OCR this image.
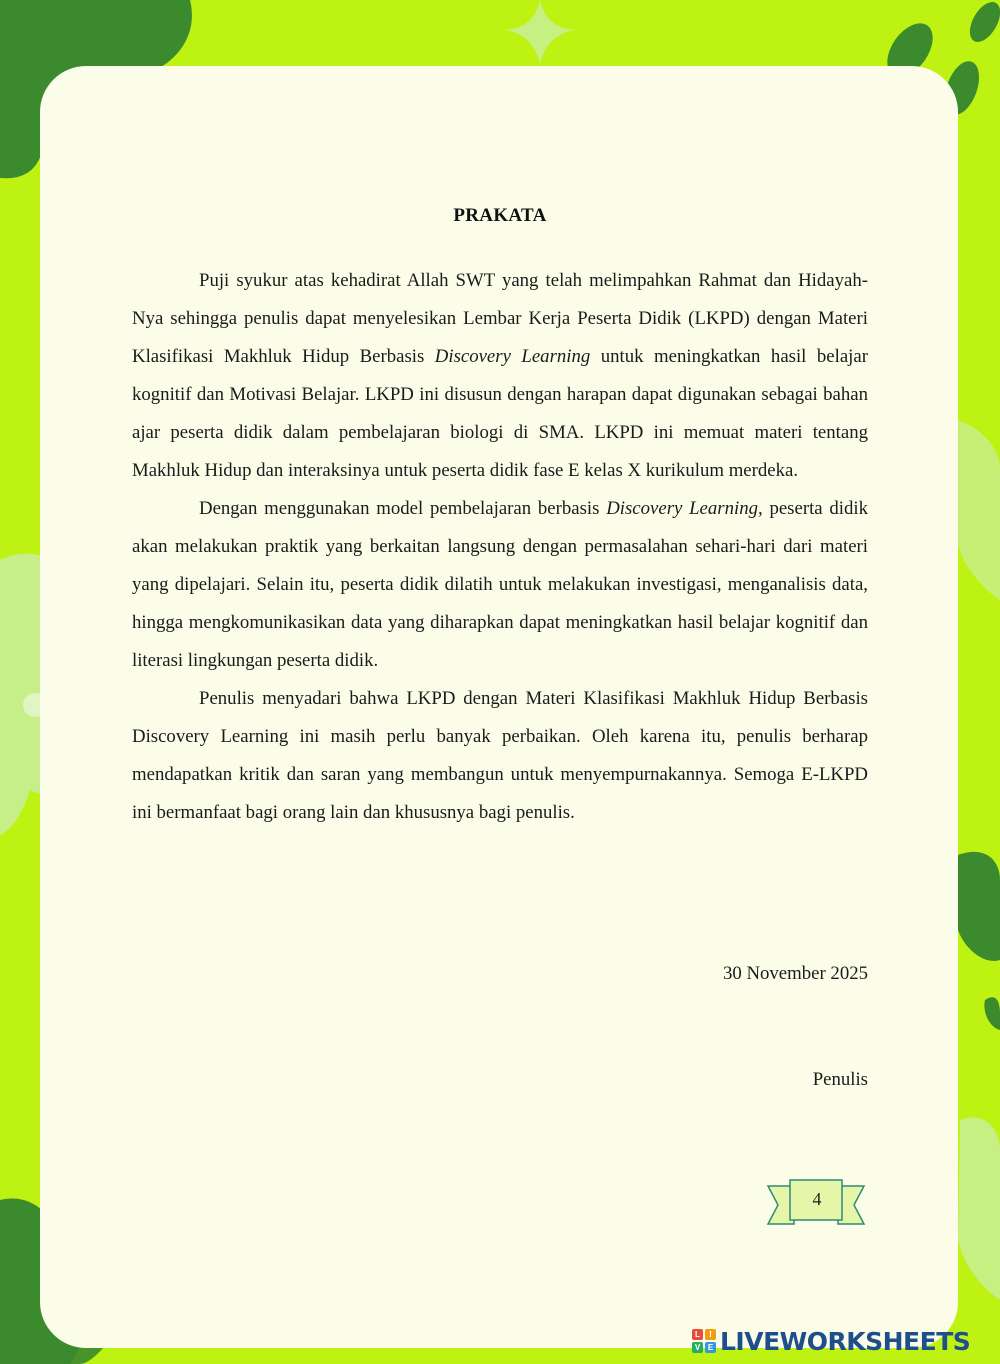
PRAKATA

Puji syukur atas kehadirat Allah SWT yang telah melimpahkan Rahmat dan Hidayah-Nya sehingga penulis dapat menyelesikan Lembar Kerja Peserta Didik (LKPD) dengan Materi Klasifikasi Makhluk Hidup Berbasis Discovery Learning untuk meningkatkan hasil belajar kognitif dan Motivasi Belajar. LKPD ini disusun dengan harapan dapat digunakan sebagai bahan ajar peserta didik dalam pembelajaran biologi di SMA. LKPD ini memuat materi tentang Makhluk Hidup dan interaksinya untuk peserta didik fase E kelas X kurikulum merdeka.

Dengan menggunakan model pembelajaran berbasis Discovery Learning, peserta didik akan melakukan praktik yang berkaitan langsung dengan permasalahan sehari-hari dari materi yang dipelajari. Selain itu, peserta didik dilatih untuk melakukan investigasi, menganalisis data, hingga mengkomunikasikan data yang diharapkan dapat meningkatkan hasil belajar kognitif dan literasi lingkungan peserta didik.

Penulis menyadari bahwa LKPD dengan Materi Klasifikasi Makhluk Hidup Berbasis Discovery Learning ini masih perlu banyak perbaikan. Oleh karena itu, penulis berharap mendapatkan kritik dan saran yang membangun untuk menyempurnakannya. Semoga E-LKPD ini bermanfaat bagi orang lain dan khususnya bagi penulis.

30 November 2025
Penulis
4
L	I
V E LIVEWORKSHEETS
